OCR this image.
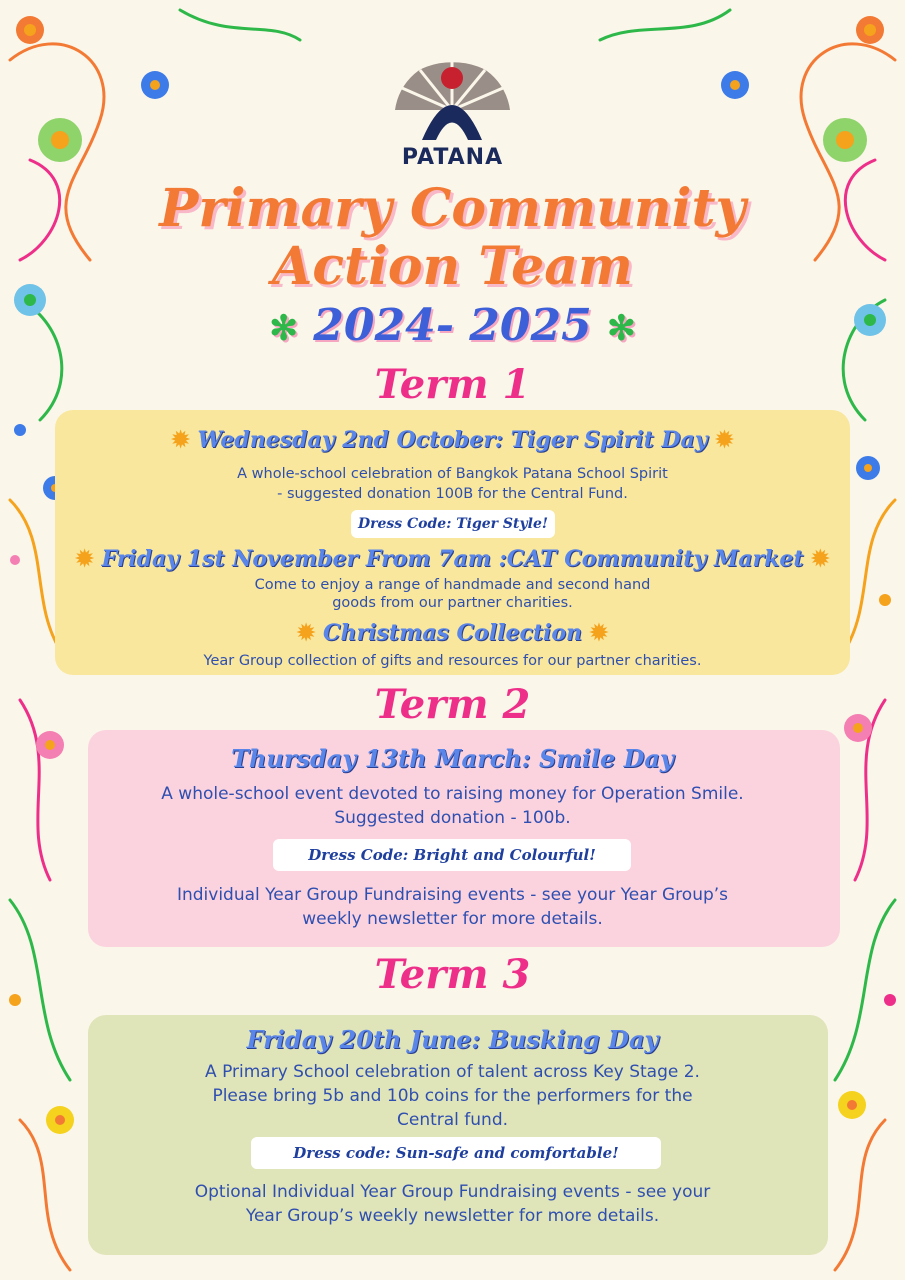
PATANA
Primary Community
Action Team
✻ 2024- 2025 ✻
Term 1
✹ Wednesday 2nd October: Tiger Spirit Day ✹
A whole-school celebration of Bangkok Patana School Spirit
- suggested donation 100B for the Central Fund.
Dress Code: Tiger Style!
✹ Friday 1st November From 7am :CAT Community Market ✹
Come to enjoy a range of handmade and second hand
goods from our partner charities.
✹ Christmas Collection ✹
Year Group collection of gifts and resources for our partner charities.
Term 2
Thursday 13th March: Smile Day
A whole-school event devoted to raising money for Operation Smile.
Suggested donation - 100b.
Dress Code: Bright and Colourful!
Individual Year Group Fundraising events - see your Year Group’s
weekly newsletter for more details.
Term 3
Friday 20th June: Busking Day
A Primary School celebration of talent across Key Stage 2.
Please bring 5b and 10b coins for the performers for the
Central fund.
Dress code: Sun-safe and comfortable!
Optional Individual Year Group Fundraising events - see your
Year Group’s weekly newsletter for more details.
